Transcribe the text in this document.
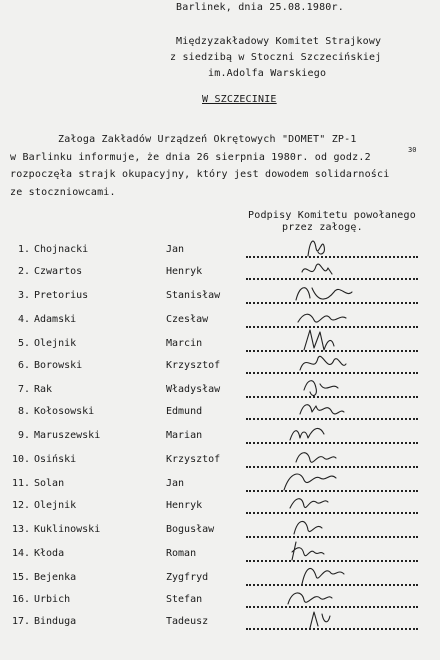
Barlinek, dnia 25.08.1980r.
Międzyzakładowy Komitet Strajkowy
z siedzibą w Stoczni Szczecińskiej
im.Adolfa Warskiego
W SZCZECINIE
Załoga Zakładów Urządzeń Okrętowych "DOMET" ZP-1
w Barlinku informuje, że dnia 26 sierpnia 1980r. od godz.2
30
rozpoczęła strajk okupacyjny, który jest dowodem solidarności
ze stoczniowcami.
Podpisy Komitetu powołanego
przez załogę.
1. Chojnacki	Jan
2. Czwartos	Henryk
3. Pretorius	Stanisław
4. Adamski	Czesław
5. Olejnik	Marcin
6. Borowski	Krzysztof
7. Rak	Władysław
8. Kołosowski	Edmund
9. Maruszewski	Marian
10. Osiński	Krzysztof
11. Solan	Jan
12. Olejnik	Henryk
13. Kuklinowski	Bogusław
14. Kłoda	Roman
15. Bejenka	Zygfryd
16. Urbich	Stefan
17. Binduga	Tadeusz
